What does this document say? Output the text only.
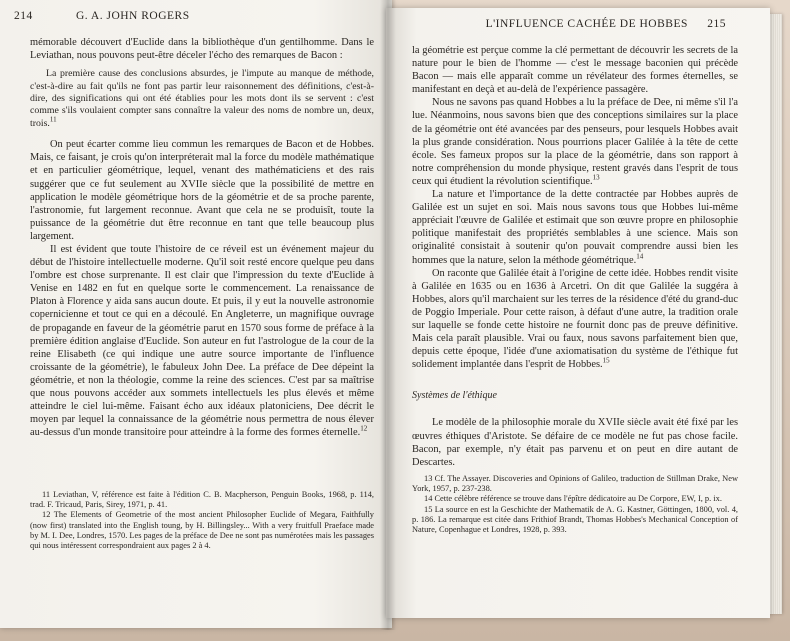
214	G. A. JOHN ROGERS

mémorable découvert d'Euclide dans la bibliothèque d'un gentilhomme. Dans le Leviathan, nous pouvons peut-être déceler l'écho des remarques de Bacon :

La première cause des conclusions absurdes, je l'impute au manque de méthode, c'est-à-dire au fait qu'ils ne font pas partir leur raisonnement des définitions, c'est-à-dire, des significations qui ont été établies pour les mots dont ils se servent : c'est comme s'ils voulaient compter sans connaître la valeur des noms de nombre un, deux, trois.$^{11}$

On peut écarter comme lieu commun les remarques de Bacon et de Hobbes. Mais, ce faisant, je crois qu'on interpréterait mal la force du modèle mathématique et en particulier géométrique, lequel, venant des mathématiciens et des rais suggérer que ce fut seulement au XVIIe siècle que la possibilité de mettre en application le modèle géométrique hors de la géométrie et de sa proche parente, l'astronomie, fut largement reconnue. Avant que cela ne se produisît, toute la puissance de la géométrie dut être reconnue en tant que telle beaucoup plus largement.

Il est évident que toute l'histoire de ce réveil est un événement majeur du début de l'histoire intellectuelle moderne. Qu'il soit resté encore quelque peu dans l'ombre est chose surprenante. Il est clair que l'impression du texte d'Euclide à Venise en 1482 en fut en quelque sorte le commencement. La renaissance de Platon à Florence y aida sans aucun doute. Et puis, il y eut la nouvelle astronomie copernicienne et tout ce qui en a découlé. En Angleterre, un magnifique ouvrage de propagande en faveur de la géométrie parut en 1570 sous forme de préface à la première édition anglaise d'Euclide. Son auteur en fut l'astrologue de la cour de la reine Elisabeth (ce qui indique une autre source importante de l'influence croissante de la géométrie), le fabuleux John Dee. La préface de Dee dépeint la géométrie, et non la théologie, comme la reine des sciences. C'est par sa maîtrise que nous pouvons accéder aux sommets intellectuels les plus élevés et même atteindre le ciel lui-même. Faisant écho aux idéaux platoniciens, Dee décrit le moyen par lequel la connaissance de la géométrie nous permettra de nous élever au-dessus d'un monde transitoire pour atteindre à la forme des formes éternelle.$^{12}$

11 Leviathan, V, référence est faite à l'édition C. B. Macpherson, Penguin Books, 1968, p. 114, trad. F. Tricaud, Paris, Sirey, 1971, p. 41.

12 The Elements of Geometrie of the most ancient Philosopher Euclide of Megara, Faithfully (now first) translated into the English toung, by H. Billingsley... With a very fruitfull Praeface made by M. I. Dee, Londres, 1570. Les pages de la préface de Dee ne sont pas numérotées mais les passages qui nous intéressent correspondraient aux pages 2 à 4.

L'INFLUENCE CACHÉE DE HOBBES 215

la géométrie est perçue comme la clé permettant de découvrir les secrets de la nature pour le bien de l'homme — c'est le message baconien qui précède Bacon — mais elle apparaît comme un révélateur des formes éternelles, se manifestant en deçà et au-delà de l'expérience passagère.

Nous ne savons pas quand Hobbes a lu la préface de Dee, ni même s'il l'a lue. Néanmoins, nous savons bien que des conceptions similaires sur la place de la géométrie ont été avancées par des penseurs, pour lesquels Hobbes avait la plus grande considération. Nous pourrions placer Galilée à la tête de cette école. Ses fameux propos sur la place de la géométrie, dans son rapport à notre compréhension du monde physique, restent gravés dans l'esprit de tous ceux qui étudient la révolution scientifique.$^{13}$

La nature et l'importance de la dette contractée par Hobbes auprès de Galilée est un sujet en soi. Mais nous savons tous que Hobbes lui-même appréciait l'œuvre de Galilée et estimait que son œuvre propre en philosophie politique manifestait des propriétés semblables à une science. Mais son originalité consistait à soutenir qu'on pouvait comprendre aussi bien les hommes que la nature, selon la méthode géométrique.$^{14}$

On raconte que Galilée était à l'origine de cette idée. Hobbes rendit visite à Galilée en 1635 ou en 1636 à Arcetri. On dit que Galilée la suggéra à Hobbes, alors qu'il marchaient sur les terres de la résidence d'été du grand-duc de Poggio Imperiale. Pour cette raison, à défaut d'une autre, la tradition orale sur laquelle se fonde cette histoire ne fournit donc pas de preuve définitive. Mais cela paraît plausible. Vrai ou faux, nous savons parfaitement bien que, depuis cette époque, l'idée d'une axiomatisation du système de l'éthique fut solidement implantée dans l'esprit de Hobbes.$^{15}$

Systèmes de l'éthique

Le modèle de la philosophie morale du XVIIe siècle avait été fixé par les œuvres éthiques d'Aristote. Se défaire de ce modèle ne fut pas chose facile. Bacon, par exemple, n'y était pas parvenu et on peut en dire autant de Descartes.

13 Cf. The Assayer. Discoveries and Opinions of Galileo, traduction de Stillman Drake, New York, 1957, p. 237-238.

14 Cette célèbre référence se trouve dans l'épître dédicatoire au De Corpore, EW, I, p. ix.

15 La source en est la Geschichte der Mathematik de A. G. Kastner, Göttingen, 1800, vol. 4, p. 186. La remarque est citée dans Frithiof Brandt, Thomas Hobbes's Mechanical Conception of Nature, Copenhague et Londres, 1928, p. 393.
